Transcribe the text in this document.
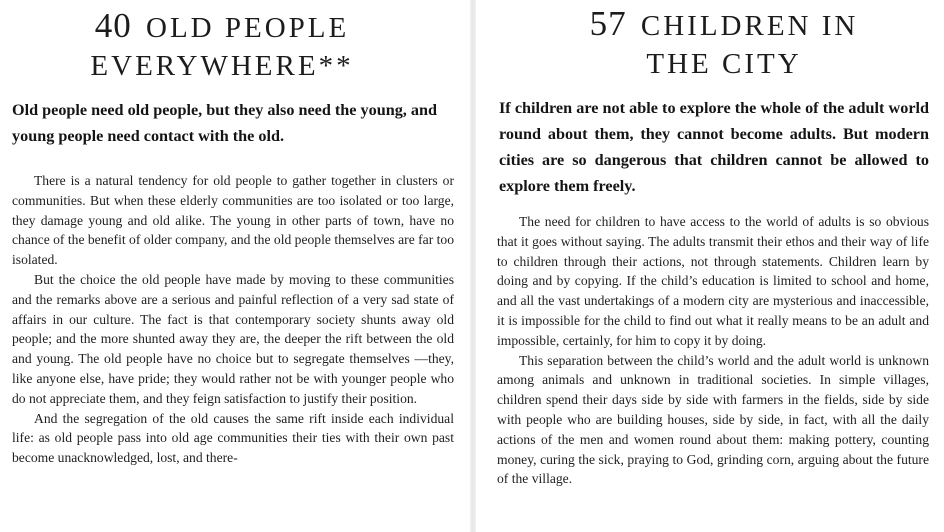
40 OLD PEOPLE
EVERYWHERE**

Old people need old people, but they also need the young, and young people need contact with the old.

There is a natural tendency for old people to gather together in clusters or communities. But when these elderly communities are too isolated or too large, they damage young and old alike. The young in other parts of town, have no chance of the benefit of older company, and the old people themselves are far too isolated.

But the choice the old people have made by moving to these communities and the remarks above are a serious and painful reflection of a very sad state of affairs in our culture. The fact is that contemporary society shunts away old people; and the more shunted away they are, the deeper the rift between the old and young. The old people have no choice but to segregate themselves —they, like anyone else, have pride; they would rather not be with younger people who do not appreciate them, and they feign satisfaction to justify their position.

And the segregation of the old causes the same rift inside each individual life: as old people pass into old age communities their ties with their own past become unacknowledged, lost, and there-

57 CHILDREN IN
THE CITY

If children are not able to explore the whole of the adult world round about them, they cannot become adults. But modern cities are so dangerous that children cannot be allowed to explore them freely.

The need for children to have access to the world of adults is so obvious that it goes without saying. The adults transmit their ethos and their way of life to children through their actions, not through statements. Children learn by doing and by copying. If the child’s education is limited to school and home, and all the vast undertakings of a modern city are mysterious and inaccessible, it is impossible for the child to find out what it really means to be an adult and impossible, certainly, for him to copy it by doing.

This separation between the child’s world and the adult world is unknown among animals and unknown in traditional societies. In simple villages, children spend their days side by side with farmers in the fields, side by side with people who are building houses, side by side, in fact, with all the daily actions of the men and women round about them: making pottery, counting money, curing the sick, praying to God, grinding corn, arguing about the future of the village.
